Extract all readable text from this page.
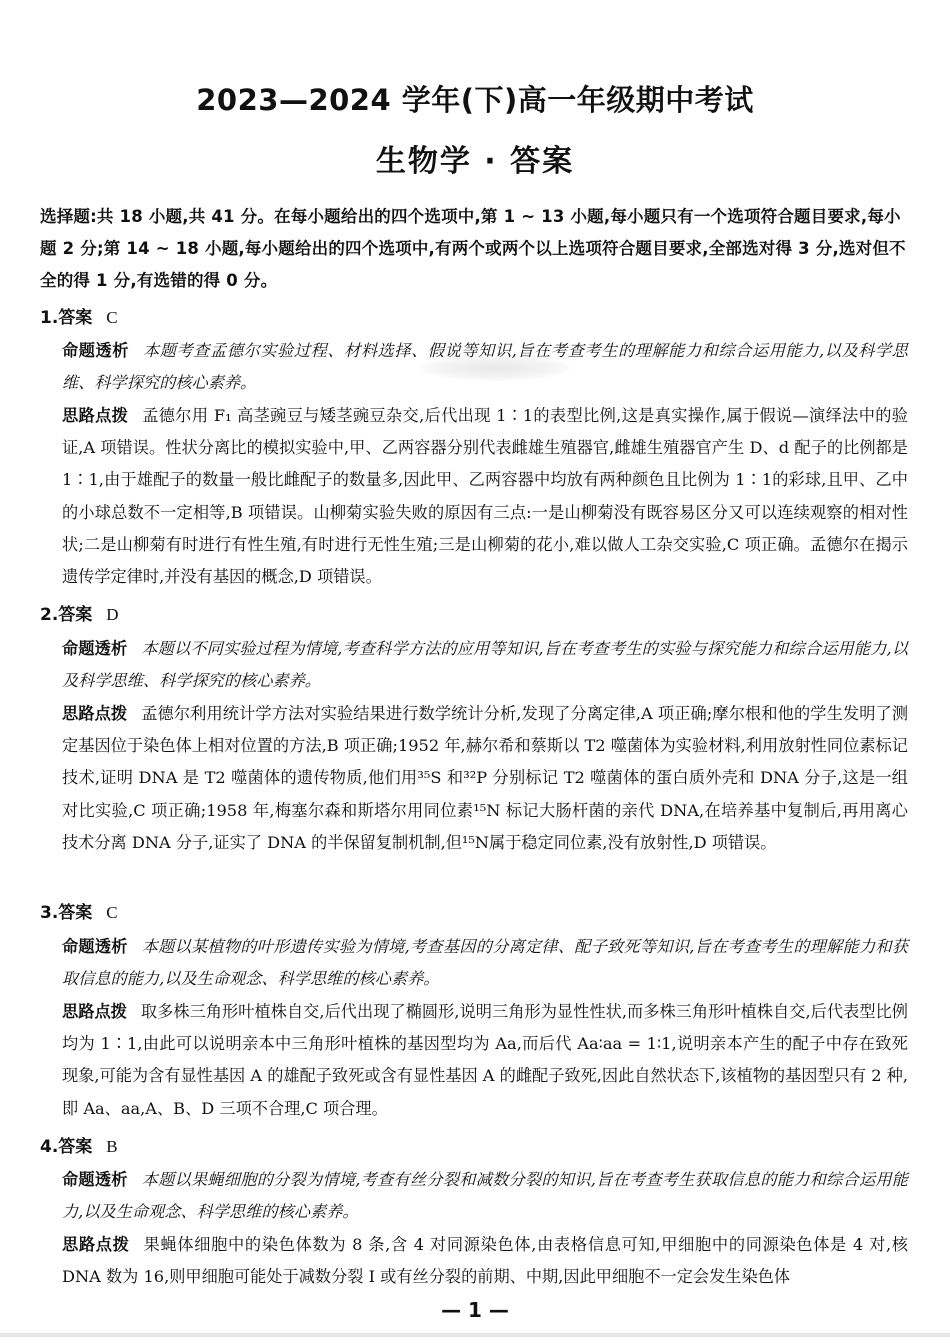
2023—2024 学年(下)高一年级期中考试
生物学 · 答案
选择题:共 18 小题,共 41 分。在每小题给出的四个选项中,第 1 ~ 13 小题,每小题只有一个选项符合题目要求,每小题 2 分;第 14 ~ 18 小题,每小题给出的四个选项中,有两个或两个以上选项符合题目要求,全部选对得 3 分,选对但不全的得 1 分,有选错的得 0 分。
1.答案 C
命题透析 本题考查孟德尔实验过程、材料选择、假说等知识,旨在考查考生的理解能力和综合运用能力,以及科学思维、科学探究的核心素养。
思路点拨 孟德尔用 F₁ 高茎豌豆与矮茎豌豆杂交,后代出现 1∶1的表型比例,这是真实操作,属于假说—演绎法中的验证,A 项错误。性状分离比的模拟实验中,甲、乙两容器分别代表雌雄生殖器官,雌雄生殖器官产生 D、d 配子的比例都是 1∶1,由于雄配子的数量一般比雌配子的数量多,因此甲、乙两容器中均放有两种颜色且比例为 1∶1的彩球,且甲、乙中的小球总数不一定相等,B 项错误。山柳菊实验失败的原因有三点:一是山柳菊没有既容易区分又可以连续观察的相对性状;二是山柳菊有时进行有性生殖,有时进行无性生殖;三是山柳菊的花小,难以做人工杂交实验,C 项正确。孟德尔在揭示遗传学定律时,并没有基因的概念,D 项错误。
2.答案 D
命题透析 本题以不同实验过程为情境,考查科学方法的应用等知识,旨在考查考生的实验与探究能力和综合运用能力,以及科学思维、科学探究的核心素养。
思路点拨 孟德尔利用统计学方法对实验结果进行数学统计分析,发现了分离定律,A 项正确;摩尔根和他的学生发明了测定基因位于染色体上相对位置的方法,B 项正确;1952 年,赫尔希和蔡斯以 T2 噬菌体为实验材料,利用放射性同位素标记技术,证明 DNA 是 T2 噬菌体的遗传物质,他们用³⁵S 和³²P 分别标记 T2 噬菌体的蛋白质外壳和 DNA 分子,这是一组对比实验,C 项正确;1958 年,梅塞尔森和斯塔尔用同位素¹⁵N 标记大肠杆菌的亲代 DNA,在培养基中复制后,再用离心技术分离 DNA 分子,证实了 DNA 的半保留复制机制,但¹⁵N属于稳定同位素,没有放射性,D 项错误。
3.答案 C
命题透析 本题以某植物的叶形遗传实验为情境,考查基因的分离定律、配子致死等知识,旨在考查考生的理解能力和获取信息的能力,以及生命观念、科学思维的核心素养。
思路点拨 取多株三角形叶植株自交,后代出现了椭圆形,说明三角形为显性性状,而多株三角形叶植株自交,后代表型比例均为 1∶1,由此可以说明亲本中三角形叶植株的基因型均为 Aa,而后代 Aa∶aa = 1∶1,说明亲本产生的配子中存在致死现象,可能为含有显性基因 A 的雄配子致死或含有显性基因 A 的雌配子致死,因此自然状态下,该植物的基因型只有 2 种,即 Aa、aa,A、B、D 三项不合理,C 项合理。
4.答案 B
命题透析 本题以果蝇细胞的分裂为情境,考查有丝分裂和减数分裂的知识,旨在考查考生获取信息的能力和综合运用能力,以及生命观念、科学思维的核心素养。
思路点拨 果蝇体细胞中的染色体数为 8 条,含 4 对同源染色体,由表格信息可知,甲细胞中的同源染色体是 4 对,核 DNA 数为 16,则甲细胞可能处于减数分裂 Ⅰ 或有丝分裂的前期、中期,因此甲细胞不一定会发生染色体
— 1 —
